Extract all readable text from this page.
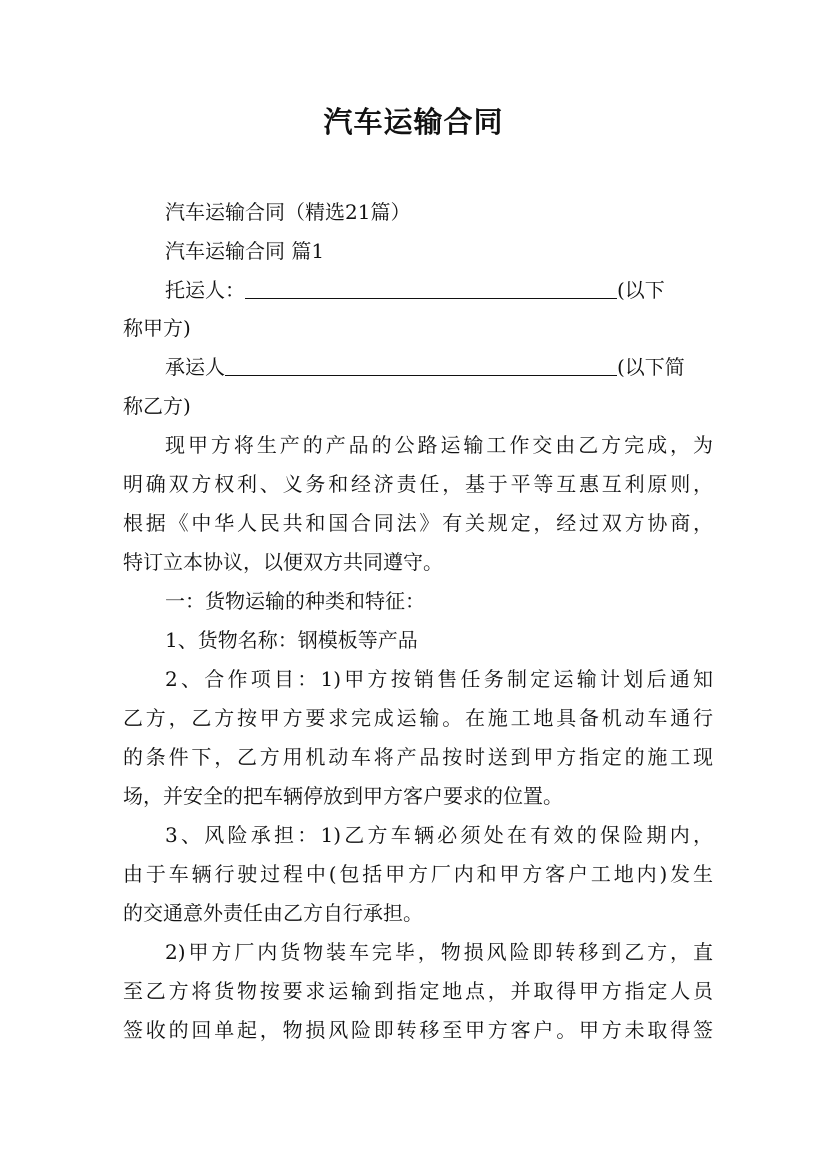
汽车运输合同

汽车运输合同（精选21篇）

汽车运输合同 篇1

托运人：	(以下

称甲方)

承运人	(以下简

称乙方)

现甲方将生产的产品的公路运输工作交由乙方完成，为

明确双方权利、义务和经济责任，基于平等互惠互利原则，

根据《中华人民共和国合同法》有关规定，经过双方协商，

特订立本协议，以便双方共同遵守。

一：货物运输的种类和特征：

1、货物名称：钢模板等产品

2、合作项目：1)甲方按销售任务制定运输计划后通知

乙方，乙方按甲方要求完成运输。在施工地具备机动车通行

的条件下，乙方用机动车将产品按时送到甲方指定的施工现

场，并安全的把车辆停放到甲方客户要求的位置。

3、风险承担：1)乙方车辆必须处在有效的保险期内，

由于车辆行驶过程中(包括甲方厂内和甲方客户工地内)发生

的交通意外责任由乙方自行承担。

2)甲方厂内货物装车完毕，物损风险即转移到乙方，直

至乙方将货物按要求运输到指定地点，并取得甲方指定人员

签收的回单起，物损风险即转移至甲方客户。甲方未取得签
